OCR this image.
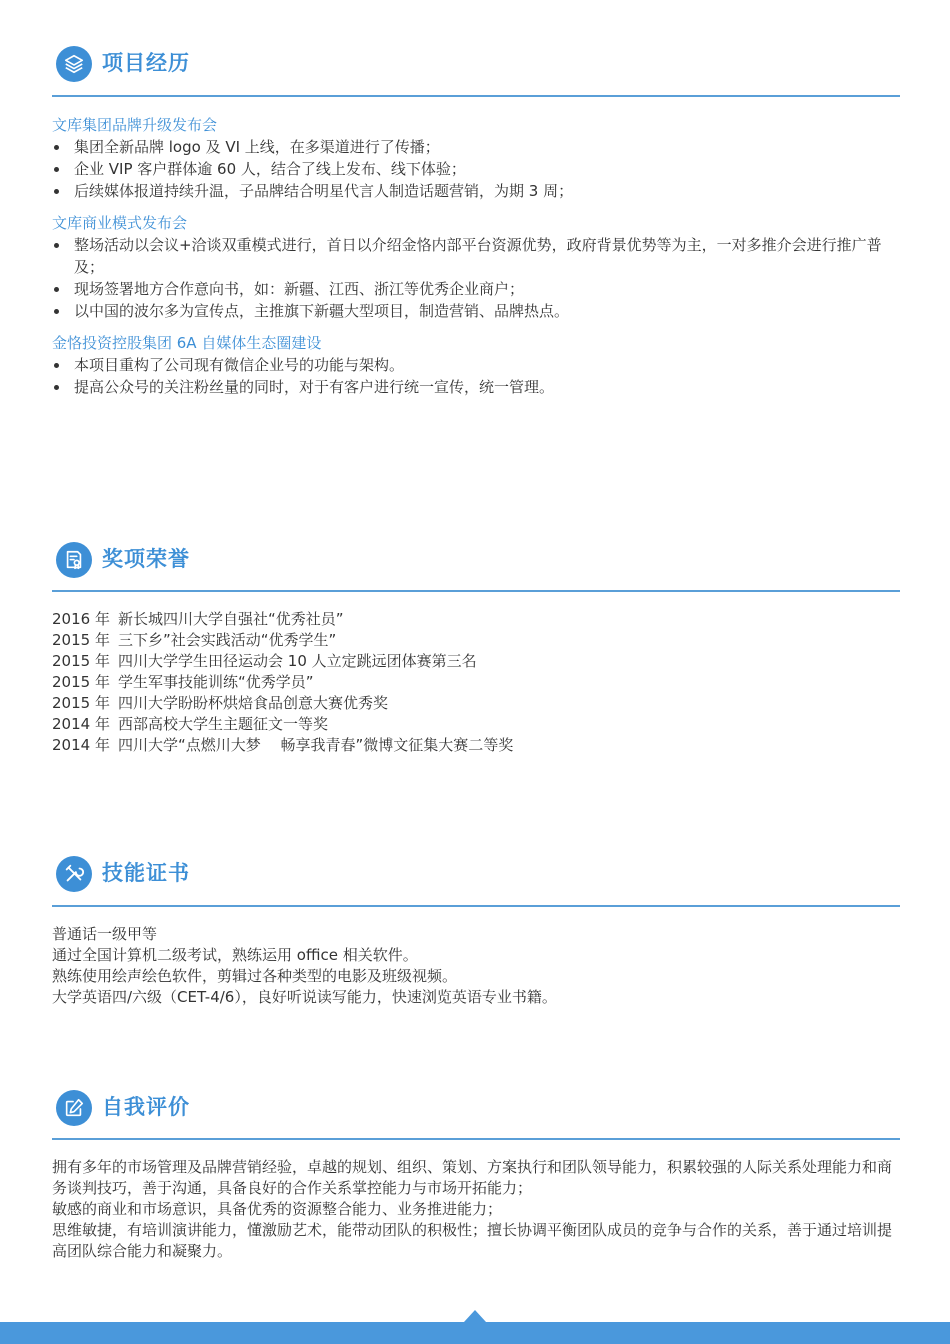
项目经历
文库集团品牌升级发布会
集团全新品牌 logo 及 VI 上线，在多渠道进行了传播；
企业 VIP 客户群体逾 60 人，结合了线上发布、线下体验；
后续媒体报道持续升温，子品牌结合明星代言人制造话题营销，为期 3 周；
文库商业模式发布会
整场活动以会议+洽谈双重模式进行，首日以介绍金恪内部平台资源优势，政府背景优势等为主，一对多推介会进行推广普及；
现场签署地方合作意向书，如：新疆、江西、浙江等优秀企业商户；
以中国的波尔多为宣传点，主推旗下新疆大型项目，制造营销、品牌热点。
金恪投资控股集团 6A 自媒体生态圈建设
本项目重构了公司现有微信企业号的功能与架构。
提高公众号的关注粉丝量的同时，对于有客户进行统一宣传，统一管理。
奖项荣誉
2016 年 新长城四川大学自强社“优秀社员”
2015 年 三下乡”社会实践活动“优秀学生”
2015 年 四川大学学生田径运动会 10 人立定跳远团体赛第三名
2015 年 学生军事技能训练“优秀学员”
2015 年 四川大学盼盼杯烘焙食品创意大赛优秀奖
2014 年 西部高校大学生主题征文一等奖
2014 年 四川大学“点燃川大梦　 畅享我青春”微博文征集大赛二等奖
技能证书
普通话一级甲等
通过全国计算机二级考试，熟练运用 office 相关软件。
熟练使用绘声绘色软件，剪辑过各种类型的电影及班级视频。
大学英语四/六级（CET-4/6），良好听说读写能力，快速浏览英语专业书籍。
自我评价
拥有多年的市场管理及品牌营销经验，卓越的规划、组织、策划、方案执行和团队领导能力，积累较强的人际关系处理能力和商务谈判技巧，善于沟通，具备良好的合作关系掌控能力与市场开拓能力；
敏感的商业和市场意识，具备优秀的资源整合能力、业务推进能力；
思维敏捷，有培训演讲能力，懂激励艺术，能带动团队的积极性；擅长协调平衡团队成员的竞争与合作的关系，善于通过培训提高团队综合能力和凝聚力。
